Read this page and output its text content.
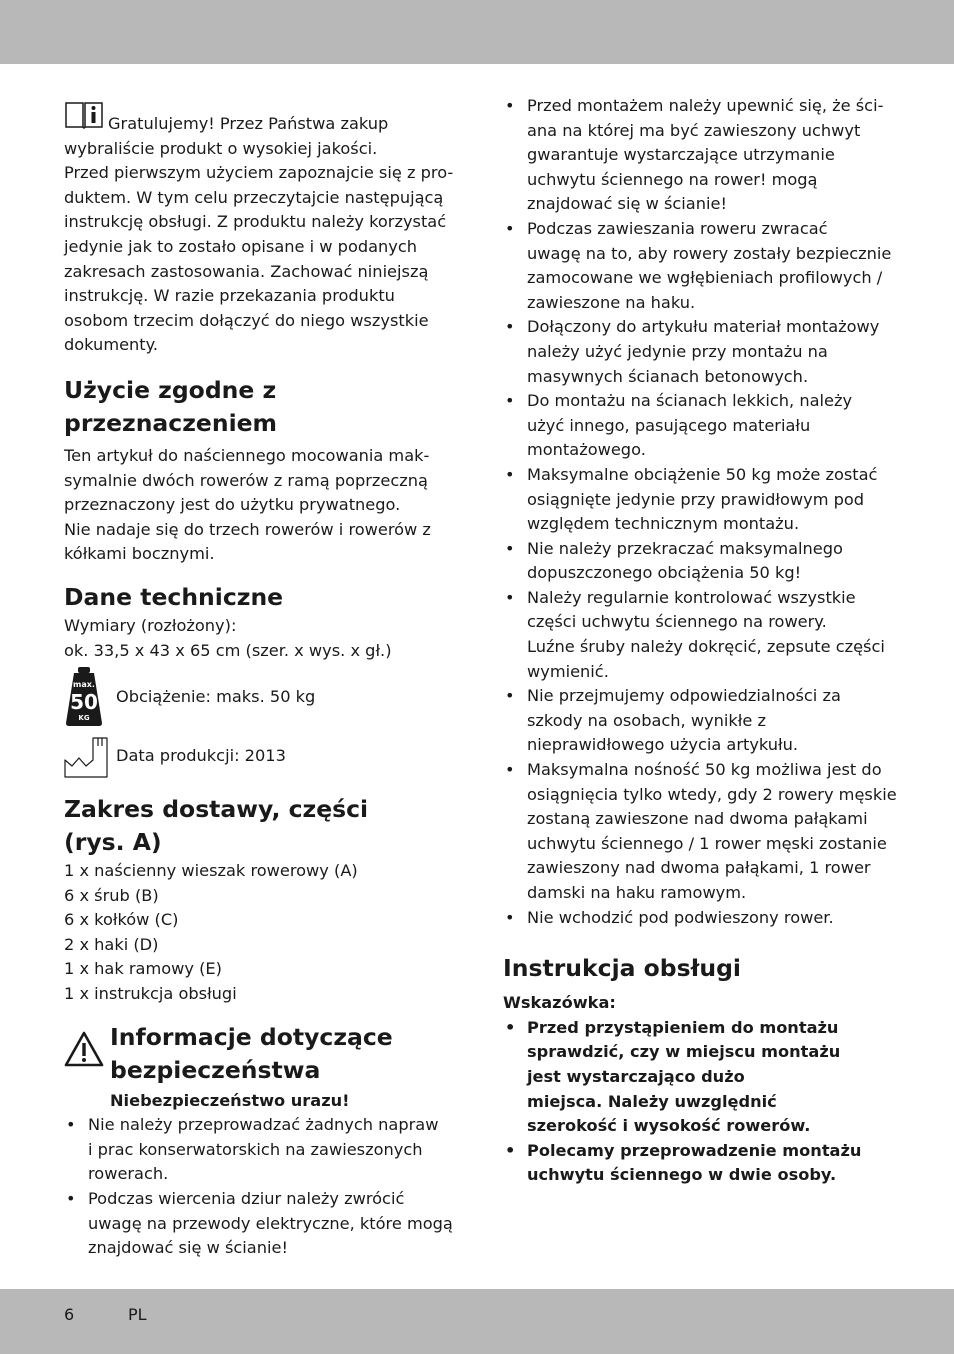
Gratulujemy! Przez Państwa zakup
wybraliście produkt o wysokiej jakości.
Przed pierwszym użyciem zapoznajcie się z pro-
duktem. W tym celu przeczytajcie następującą
instrukcję obsługi. Z produktu należy korzystać
jedynie jak to zostało opisane i w podanych
zakresach zastosowania. Zachować niniejszą
instrukcję. W razie przekazania produktu
osobom trzecim dołączyć do niego wszystkie
dokumenty.
Użycie zgodne z
przeznaczeniem
Ten artykuł do naściennego mocowania mak-
symalnie dwóch rowerów z ramą poprzeczną
przeznaczony jest do użytku prywatnego.
Nie nadaje się do trzech rowerów i rowerów z
kółkami bocznymi.
Dane techniczne
Wymiary (rozłożony):
ok. 33,5 x 43 x 65 cm (szer. x wys. x gł.)
max.
50
KG
Obciążenie: maks. 50 kg
Data produkcji: 2013
Zakres dostawy, części
(rys. A)
1 x naścienny wieszak rowerowy (A)
6 x śrub (B)
6 x kołków (C)
2 x haki (D)
1 x hak ramowy (E)
1 x instrukcja obsługi
Informacje dotyczące
bezpieczeństwa
Niebezpieczeństwo urazu!
• Nie należy przeprowadzać żadnych napraw
i prac konserwatorskich na zawieszonych
rowerach.
• Podczas wiercenia dziur należy zwrócić
uwagę na przewody elektryczne, które mogą
znajdować się w ścianie!
• Przed montażem należy upewnić się, że ści-
ana na której ma być zawieszony uchwyt
gwarantuje wystarczające utrzymanie
uchwytu ściennego na rower! mogą
znajdować się w ścianie!
• Podczas zawieszania roweru zwracać
uwagę na to, aby rowery zostały bezpiecznie
zamocowane we wgłębieniach profilowych /
zawieszone na haku.
• Dołączony do artykułu materiał montażowy
należy użyć jedynie przy montażu na
masywnych ścianach betonowych.
• Do montażu na ścianach lekkich, należy
użyć innego, pasującego materiału
montażowego.
• Maksymalne obciążenie 50 kg może zostać
osiągnięte jedynie przy prawidłowym pod
względem technicznym montażu.
• Nie należy przekraczać maksymalnego
dopuszczonego obciążenia 50 kg!
• Należy regularnie kontrolować wszystkie
części uchwytu ściennego na rowery.
Luźne śruby należy dokręcić, zepsute części
wymienić.
• Nie przejmujemy odpowiedzialności za
szkody na osobach, wynikłe z
nieprawidłowego użycia artykułu.
• Maksymalna nośność 50 kg możliwa jest do
osiągnięcia tylko wtedy, gdy 2 rowery męskie
zostaną zawieszone nad dwoma pałąkami
uchwytu ściennego / 1 rower męski zostanie
zawieszony nad dwoma pałąkami, 1 rower
damski na haku ramowym.
• Nie wchodzić pod podwieszony rower.
Instrukcja obsługi
Wskazówka:
• Przed przystąpieniem do montażu
sprawdzić, czy w miejscu montażu
jest wystarczająco dużo
miejsca. Należy uwzględnić
szerokość i wysokość rowerów.
• Polecamy przeprowadzenie montażu
uchwytu ściennego w dwie osoby.
6	PL
